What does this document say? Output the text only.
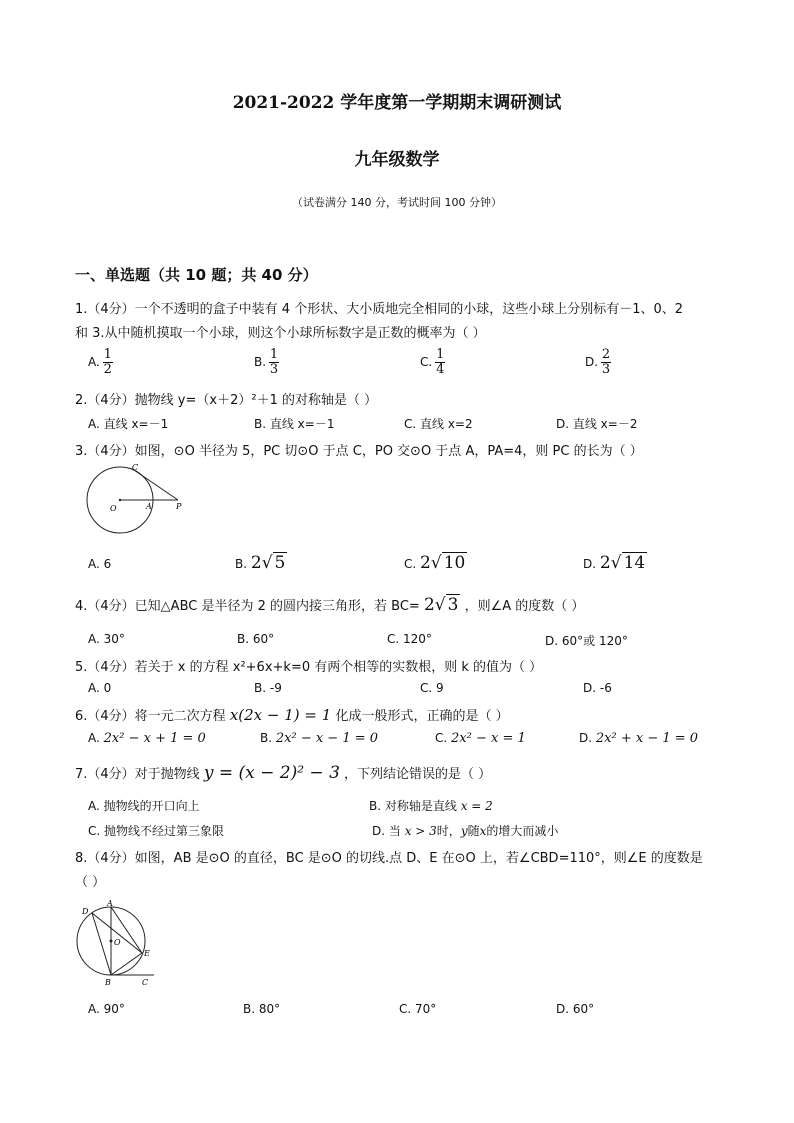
2021-2022 学年度第一学期期末调研测试
九年级数学
（试卷满分 140 分，考试时间 100 分钟）
一、单选题（共 10 题；共 40 分）
1.（4分）一个不透明的盒子中装有 4 个形状、大小质地完全相同的小球，这些小球上分别标有－1、0、2
和 3.从中随机摸取一个小球，则这个小球所标数字是正数的概率为（ ）
A. $\frac{1}{2}$	B. $\frac{1}{3}$	C. $\frac{1}{4}$	D. $\frac{2}{3}$
2.（4分）抛物线 y=（x＋2）²＋1 的对称轴是（ ）
A. 直线 x=－1	B. 直线 x=－1	C. 直线 x=2	D. 直线 x=－2
3.（4分）如图，⊙O 半径为 5，PC 切⊙O 于点 C，PO 交⊙O 于点 A，PA=4，则 PC 的长为（ ）
C
O	A	P
A. 6	B. 2√ 5	C. 2√ 10	D. 2√ 14
4.（4分）已知△ABC 是半径为 2 的圆内接三角形，若 BC= 2√ 3 ，则∠A 的度数（ ）
A. 30°	B. 60°	C. 120°	D. 60°或 120°
5.（4分）若关于 x 的方程 x²+6x+k=0 有两个相等的实数根，则 k 的值为（ ）
A. 0	B. -9	C. 9	D. -6
6.（4分）将一元二次方程 x(2x − 1) = 1 化成一般形式，正确的是（ ）
A. 2x² − x + 1 = 0	B. 2x² − x − 1 = 0	C. 2x² − x = 1	D. 2x² + x − 1 = 0
7.（4分）对于抛物线 y = (x − 2)² − 3 ，下列结论错误的是（ ）
A. 抛物线的开口向上	B. 对称轴是直线 x = 2
C. 抛物线不经过第三象限	D. 当 x > 3时，y随x的增大而减小
8.（4分）如图，AB 是⊙O 的直径，BC 是⊙O 的切线.点 D、E 在⊙O 上，若∠CBD=110°，则∠E 的度数是
（ ）
D
A
O
E
B	C
A. 90°	B. 80°	C. 70°	D. 60°
